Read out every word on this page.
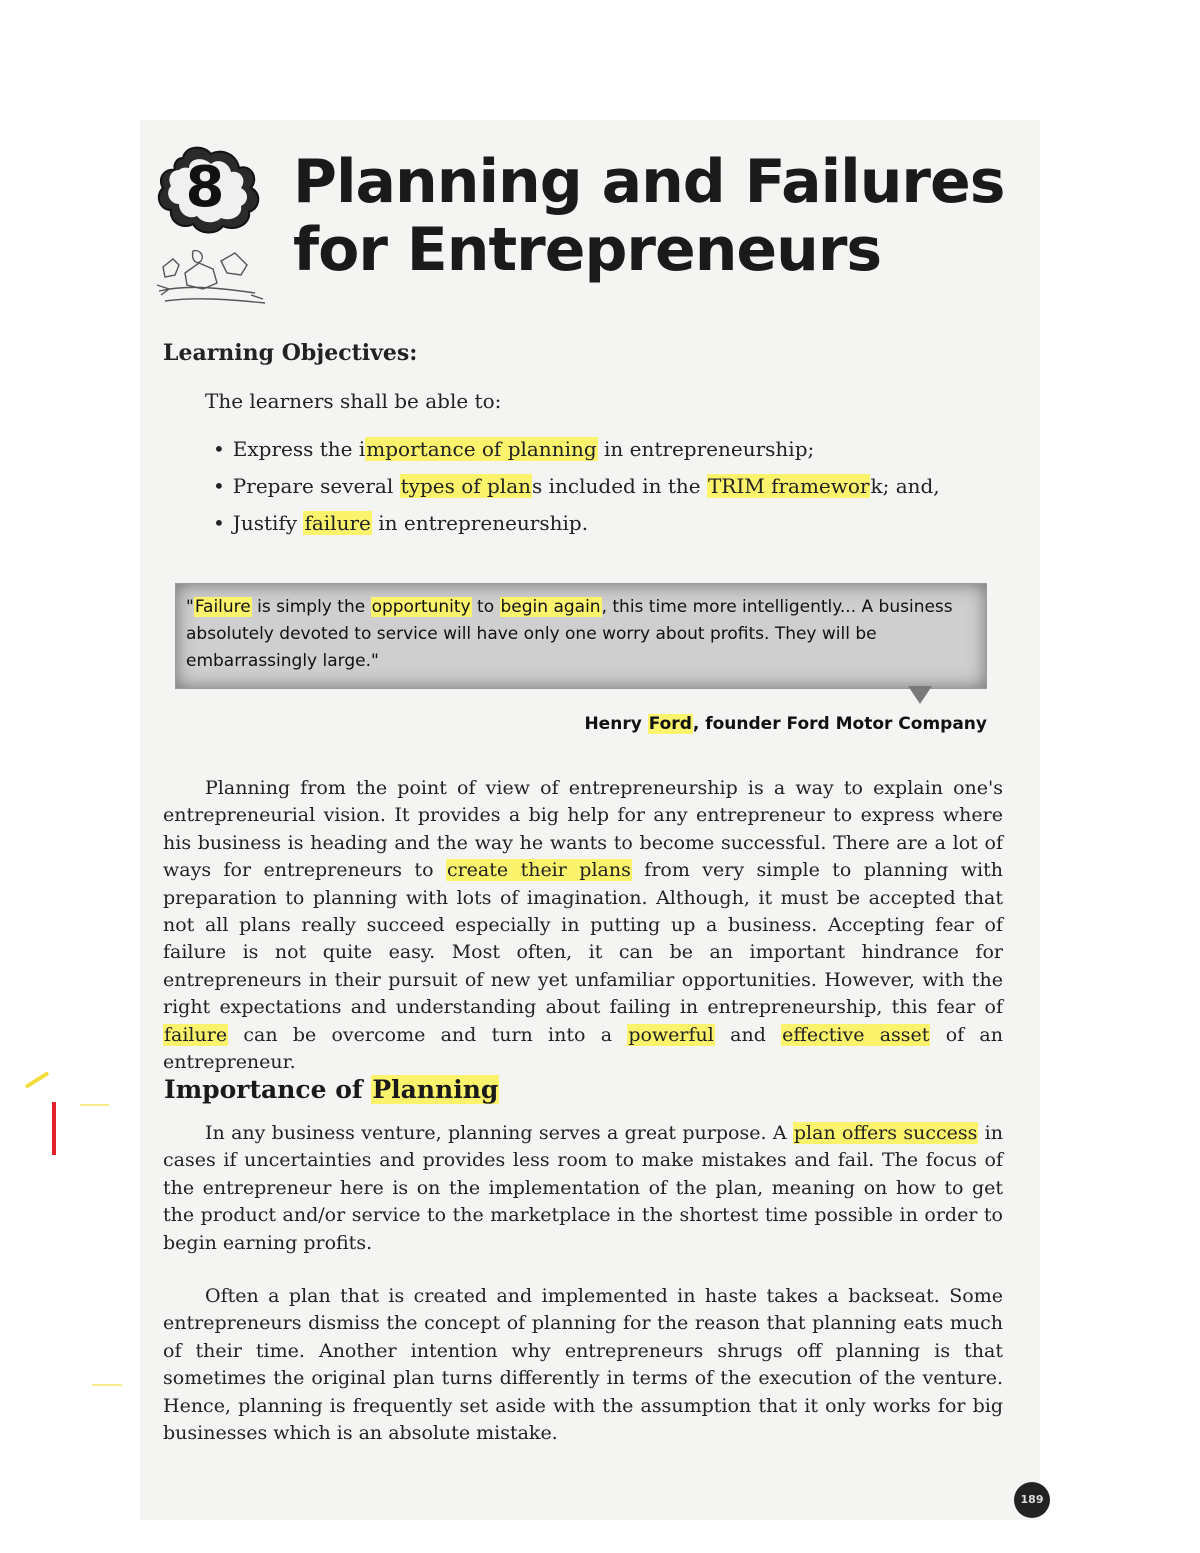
8	Planning and Failures
for Entrepreneurs
Learning Objectives:

The learners shall be able to:

• Express the importance of planning in entrepreneurship;
• Prepare several types of plans included in the TRIM framework; and,
• Justify failure in entrepreneurship.
"Failure is simply the opportunity to begin again, this time more intelligently... A business absolutely devoted to service will have only one worry about profits. They will be embarrassingly large."

Henry Ford, founder Ford Motor Company

Planning from the point of view of entrepreneurship is a way to explain one's entrepreneurial vision. It provides a big help for any entrepreneur to express where his business is heading and the way he wants to become successful. There are a lot of ways for entrepreneurs to create their plans from very simple to planning with preparation to planning with lots of imagination. Although, it must be accepted that not all plans really succeed especially in putting up a business. Accepting fear of failure is not quite easy. Most often, it can be an important hindrance for entrepreneurs in their pursuit of new yet unfamiliar opportunities. However, with the right expectations and understanding about failing in entrepreneurship, this fear of failure can be overcome and turn into a powerful and effective asset of an entrepreneur.

Importance of Planning

In any business venture, planning serves a great purpose. A plan offers success in cases if uncertainties and provides less room to make mistakes and fail. The focus of the entrepreneur here is on the implementation of the plan, meaning on how to get the product and/or service to the marketplace in the shortest time possible in order to begin earning profits.

Often a plan that is created and implemented in haste takes a backseat. Some entrepreneurs dismiss the concept of planning for the reason that planning eats much of their time. Another intention why entrepreneurs shrugs off planning is that sometimes the original plan turns differently in terms of the execution of the venture. Hence, planning is frequently set aside with the assumption that it only works for big businesses which is an absolute mistake.

189
